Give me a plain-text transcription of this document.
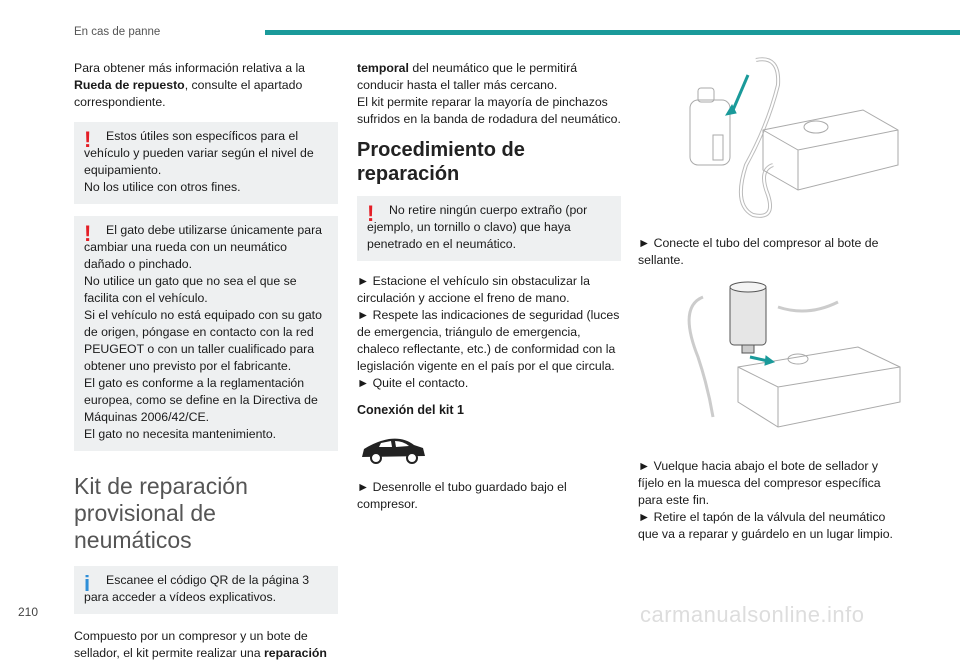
En cas de panne
210	carmanualsonline.info

Para obtener más información relativa a la Rueda de repuesto, consulte el apartado correspondiente.

!	Estos útiles son específicos para el vehículo y pueden variar según el nivel de equipamiento.

No los utilice con otros fines.

!	El gato debe utilizarse únicamente para cambiar una rueda con un neumático dañado o pinchado.

No utilice un gato que no sea el que se facilita con el vehículo.

Si el vehículo no está equipado con su gato de origen, póngase en contacto con la red PEUGEOT o con un taller cualificado para obtener uno previsto por el fabricante.

El gato es conforme a la reglamentación europea, como se define en la Directiva de Máquinas 2006/42/CE.

El gato no necesita mantenimiento.

Kit de reparación provisional de neumáticos
i	Escanee el código QR de la página 3 para acceder a vídeos explicativos.

Compuesto por un compresor y un bote de sellador, el kit permite realizar una reparación

temporal del neumático que le permitirá conducir hasta el taller más cercano.

El kit permite reparar la mayoría de pinchazos sufridos en la banda de rodadura del neumático.

Procedimiento de reparación
!	No retire ningún cuerpo extraño (por ejemplo, un tornillo o clavo) que haya penetrado en el neumático.

► Estacione el vehículo sin obstaculizar la circulación y accione el freno de mano.

► Respete las indicaciones de seguridad (luces de emergencia, triángulo de emergencia, chaleco reflectante, etc.) de conformidad con la legislación vigente en el país por el que circula.

► Quite el contacto.

Conexión del kit 1

► Desenrolle el tubo guardado bajo el compresor.

► Conecte el tubo del compresor al bote de sellante.

► Vuelque hacia abajo el bote de sellador y fíjelo en la muesca del compresor específica para este fin.

► Retire el tapón de la válvula del neumático que va a reparar y guárdelo en un lugar limpio.
